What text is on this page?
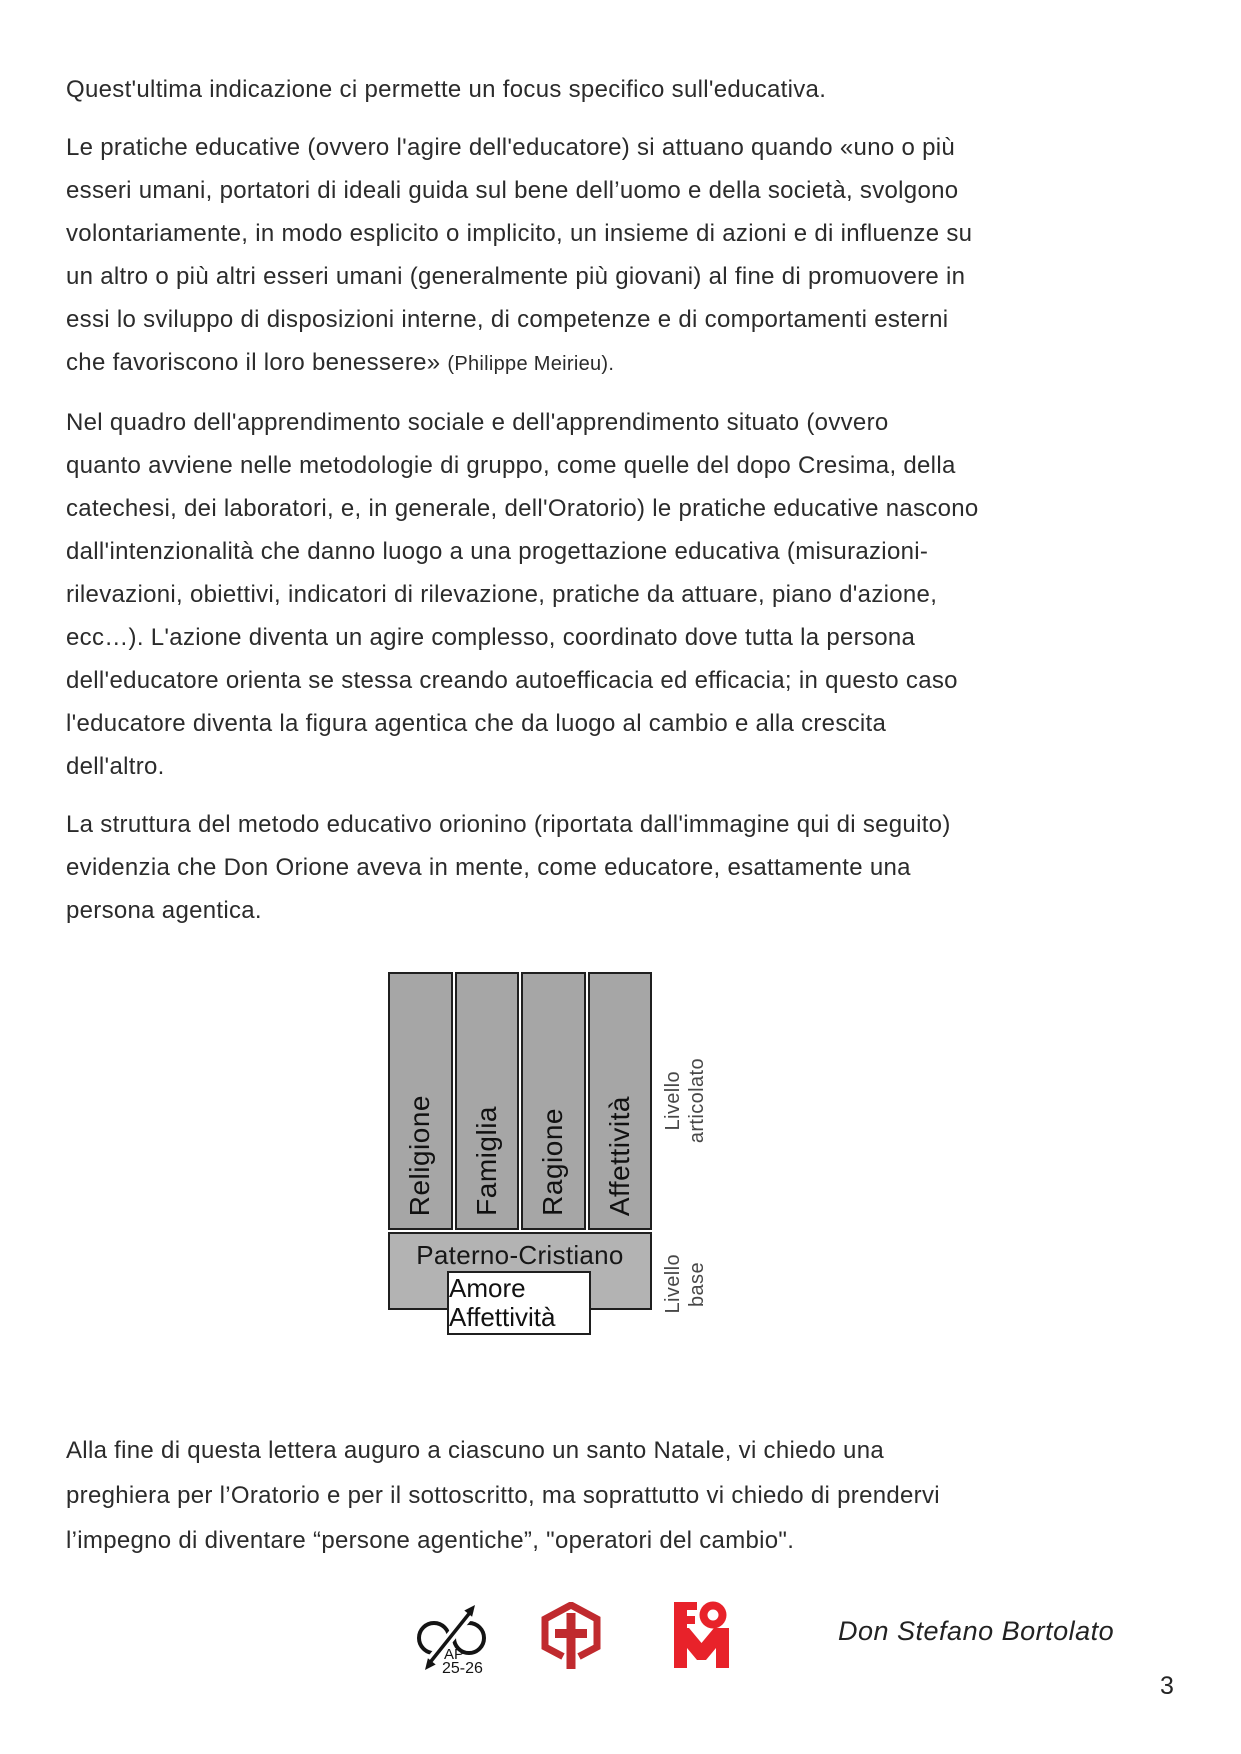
Quest'ultima indicazione ci permette un focus specifico sull'educativa.
Le pratiche educative (ovvero l'agire dell'educatore) si attuano quando «uno o più
esseri umani, portatori di ideali guida sul bene dell’uomo e della società, svolgono
volontariamente, in modo esplicito o implicito, un insieme di azioni e di influenze su
un altro o più altri esseri umani (generalmente più giovani) al fine di promuovere in
essi lo sviluppo di disposizioni interne, di competenze e di comportamenti esterni
che favoriscono il loro benessere» (Philippe Meirieu).
Nel quadro dell'apprendimento sociale e dell'apprendimento situato (ovvero
quanto avviene nelle metodologie di gruppo, come quelle del dopo Cresima, della
catechesi, dei laboratori, e, in generale, dell'Oratorio) le pratiche educative nascono
dall'intenzionalità che danno luogo a una progettazione educativa (misurazioni-
rilevazioni, obiettivi, indicatori di rilevazione, pratiche da attuare, piano d'azione,
ecc…). L'azione diventa un agire complesso, coordinato dove tutta la persona
dell'educatore orienta se stessa creando autoefficacia ed efficacia; in questo caso
l'educatore diventa la figura agentica che da luogo al cambio e alla crescita
dell'altro.
La struttura del metodo educativo orionino (riportata dall'immagine qui di seguito)
evidenzia che Don Orione aveva in mente, come educatore, esattamente una
persona agentica.
Religione Famiglia Ragione Affettività
Paterno-Cristiano
Amore
Affettività
Livello articolato
Livello base
Alla fine di questa lettera auguro a ciascuno un santo Natale, vi chiedo una
preghiera per l’Oratorio e per il sottoscritto, ma soprattutto vi chiedo di prendervi
l’impegno di diventare “persone agentiche”, "operatori del cambio".
AP
25-26
Don Stefano Bortolato
3
